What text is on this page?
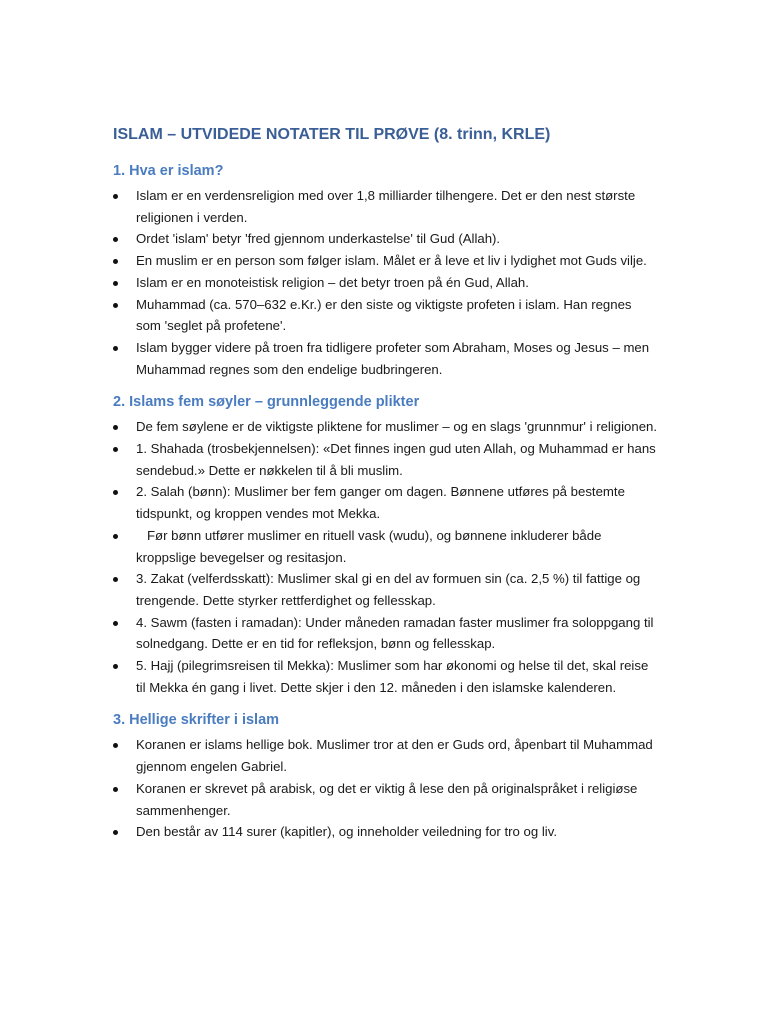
ISLAM – UTVIDEDE NOTATER TIL PRØVE (8. trinn, KRLE)
1. Hva er islam?
Islam er en verdensreligion med over 1,8 milliarder tilhengere. Det er den nest største religionen i verden.
Ordet 'islam' betyr 'fred gjennom underkastelse' til Gud (Allah).
En muslim er en person som følger islam. Målet er å leve et liv i lydighet mot Guds vilje.
Islam er en monoteistisk religion – det betyr troen på én Gud, Allah.
Muhammad (ca. 570–632 e.Kr.) er den siste og viktigste profeten i islam. Han regnes som 'seglet på profetene'.
Islam bygger videre på troen fra tidligere profeter som Abraham, Moses og Jesus – men Muhammad regnes som den endelige budbringeren.
2. Islams fem søyler – grunnleggende plikter
De fem søylene er de viktigste pliktene for muslimer – og en slags 'grunnmur' i religionen.
1. Shahada (trosbekjennelsen): «Det finnes ingen gud uten Allah, og Muhammad er hans sendebud.» Dette er nøkkelen til å bli muslim.
2. Salah (bønn): Muslimer ber fem ganger om dagen. Bønnene utføres på bestemte tidspunkt, og kroppen vendes mot Mekka.
Før bønn utfører muslimer en rituell vask (wudu), og bønnene inkluderer både kroppslige bevegelser og resitasjon.
3. Zakat (velferdsskatt): Muslimer skal gi en del av formuen sin (ca. 2,5 %) til fattige og trengende. Dette styrker rettferdighet og fellesskap.
4. Sawm (fasten i ramadan): Under måneden ramadan faster muslimer fra soloppgang til solnedgang. Dette er en tid for refleksjon, bønn og fellesskap.
5. Hajj (pilegrimsreisen til Mekka): Muslimer som har økonomi og helse til det, skal reise til Mekka én gang i livet. Dette skjer i den 12. måneden i den islamske kalenderen.
3. Hellige skrifter i islam
Koranen er islams hellige bok. Muslimer tror at den er Guds ord, åpenbart til Muhammad gjennom engelen Gabriel.
Koranen er skrevet på arabisk, og det er viktig å lese den på originalspråket i religiøse sammenhenger.
Den består av 114 surer (kapitler), og inneholder veiledning for tro og liv.
